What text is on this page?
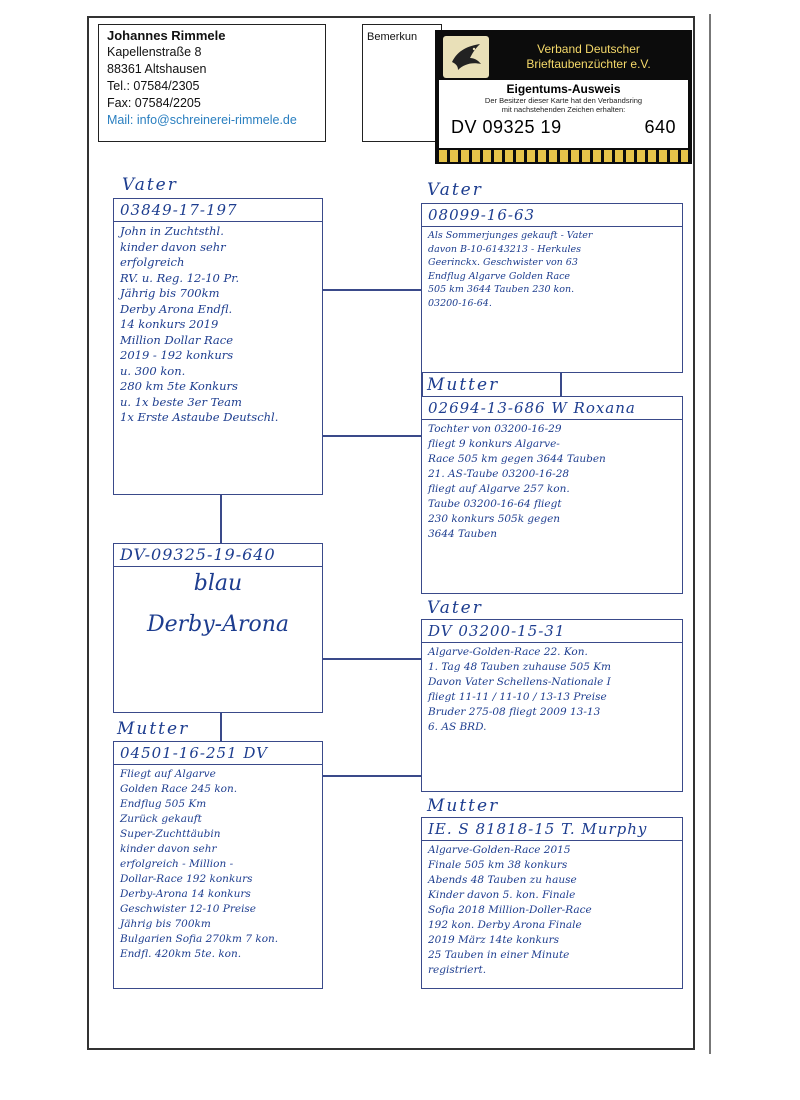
Johannes Rimmele
Kapellenstraße 8
88361 Altshausen
Tel.: 07584/2305
Fax: 07584/2205
Mail: info@schreinerei-rimmele.de
Bemerkun
Verband Deutscher
Brieftaubenzüchter e.V.
Eigentums-Ausweis
Der Besitzer dieser Karte hat den Verbandsring
mit nachstehenden Zeichen erhalten:
DV 09325 19	640
Vater	Vater
Mutter
Vater
Mutter
Mutter
03849-17-197
John in Zuchtsthl.
kinder davon sehr
erfolgreich
RV. u. Reg. 12-10 Pr.
Jährig bis 700km
Derby Arona Endfl.
14 konkurs 2019
Million Dollar Race
2019 - 192 konkurs
u. 300 kon.
280 km 5te Konkurs
u. 1x beste 3er Team
1x Erste Astaube Deutschl.
08099-16-63
Als Sommerjunges gekauft - Vater
davon B-10-6143213 - Herkules
Geerinckx. Geschwister von 63
Endflug Algarve Golden Race
505 km 3644 Tauben 230 kon.
03200-16-64.
02694-13-686 W Roxana
Tochter von 03200-16-29
fliegt 9 konkurs Algarve-
Race 505 km gegen 3644 Tauben
21. AS-Taube 03200-16-28
fliegt auf Algarve 257 kon.
Taube 03200-16-64 fliegt
230 konkurs 505k gegen
3644 Tauben
DV-09325-19-640
blau
Derby-Arona	DV 03200-15-31
Algarve-Golden-Race 22. Kon.
1. Tag 48 Tauben zuhause 505 Km
Davon Vater Schellens-Nationale I
fliegt 11-11 / 11-10 / 13-13 Preise
Bruder 275-08 fliegt 2009 13-13
6. AS BRD.
04501-16-251 DV
Fliegt auf Algarve
Golden Race 245 kon.
Endflug 505 Km
Zurück gekauft
Super-Zuchttäubin
kinder davon sehr
erfolgreich - Million -
Dollar-Race 192 konkurs
Derby-Arona 14 konkurs
Geschwister 12-10 Preise
Jährig bis 700km
Bulgarien Sofia 270km 7 kon.
Endfl. 420km 5te. kon.
IE. S 81818-15 T. Murphy
Algarve-Golden-Race 2015
Finale 505 km 38 konkurs
Abends 48 Tauben zu hause
Kinder davon 5. kon. Finale
Sofia 2018 Million-Doller-Race
192 kon. Derby Arona Finale
2019 März 14te konkurs
25 Tauben in einer Minute
registriert.
